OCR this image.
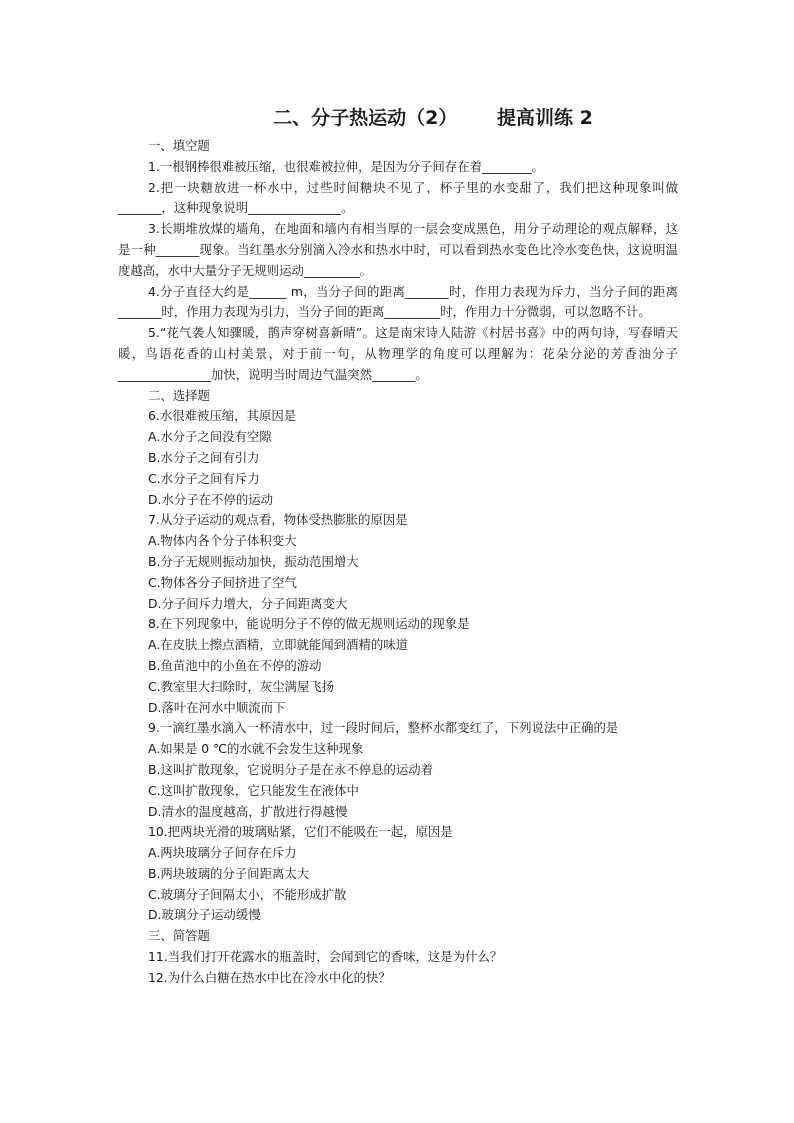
二、分子热运动（2）      提高训练 2
一、填空题
1.一根钢棒很难被压缩，也很难被拉伸，是因为分子间存在着________。
2.把一块糖放进一杯水中，过些时间糖块不见了，杯子里的水变甜了，我们把这种现象叫做_______，这种现象说明_______________。
3.长期堆放煤的墙角，在地面和墙内有相当厚的一层会变成黑色，用分子动理论的观点解释，这是一种_______现象。当红墨水分别滴入冷水和热水中时，可以看到热水变色比冷水变色快，这说明温度越高，水中大量分子无规则运动_________。
4.分子直径大约是______ m，当分子间的距离_______时，作用力表现为斥力，当分子间的距离_______时，作用力表现为引力，当分子间的距离_________时，作用力十分微弱，可以忽略不计。
5.“花气袭人知骤暖，鹊声穿树喜新晴”。这是南宋诗人陆游《村居书喜》中的两句诗，写春晴天暖，鸟语花香的山村美景，对于前一句，从物理学的角度可以理解为：花朵分泌的芳香油分子_______________加快，说明当时周边气温突然_______。
二、选择题
6.水很难被压缩，其原因是
A.水分子之间没有空隙
B.水分子之间有引力
C.水分子之间有斥力
D.水分子在不停的运动
7.从分子运动的观点看，物体受热膨胀的原因是
A.物体内各个分子体积变大
B.分子无规则振动加快，振动范围增大
C.物体各分子间挤进了空气
D.分子间斥力增大，分子间距离变大
8.在下列现象中，能说明分子不停的做无规则运动的现象是
A.在皮肤上擦点酒精，立即就能闻到酒精的味道
B.鱼苗池中的小鱼在不停的游动
C.教室里大扫除时，灰尘满屋飞扬
D.落叶在河水中顺流而下
9.一滴红墨水滴入一杯清水中，过一段时间后，整杯水都变红了，下列说法中正确的是
A.如果是 0 ℃的水就不会发生这种现象
B.这叫扩散现象，它说明分子是在永不停息的运动着
C.这叫扩散现象，它只能发生在液体中
D.清水的温度越高，扩散进行得越慢
10.把两块光滑的玻璃贴紧，它们不能吸在一起，原因是
A.两块玻璃分子间存在斥力
B.两块玻璃的分子间距离太大
C.玻璃分子间隔太小，不能形成扩散
D.玻璃分子运动缓慢
三、简答题
11.当我们打开花露水的瓶盖时，会闻到它的香味，这是为什么？
12.为什么白糖在热水中比在冷水中化的快？
